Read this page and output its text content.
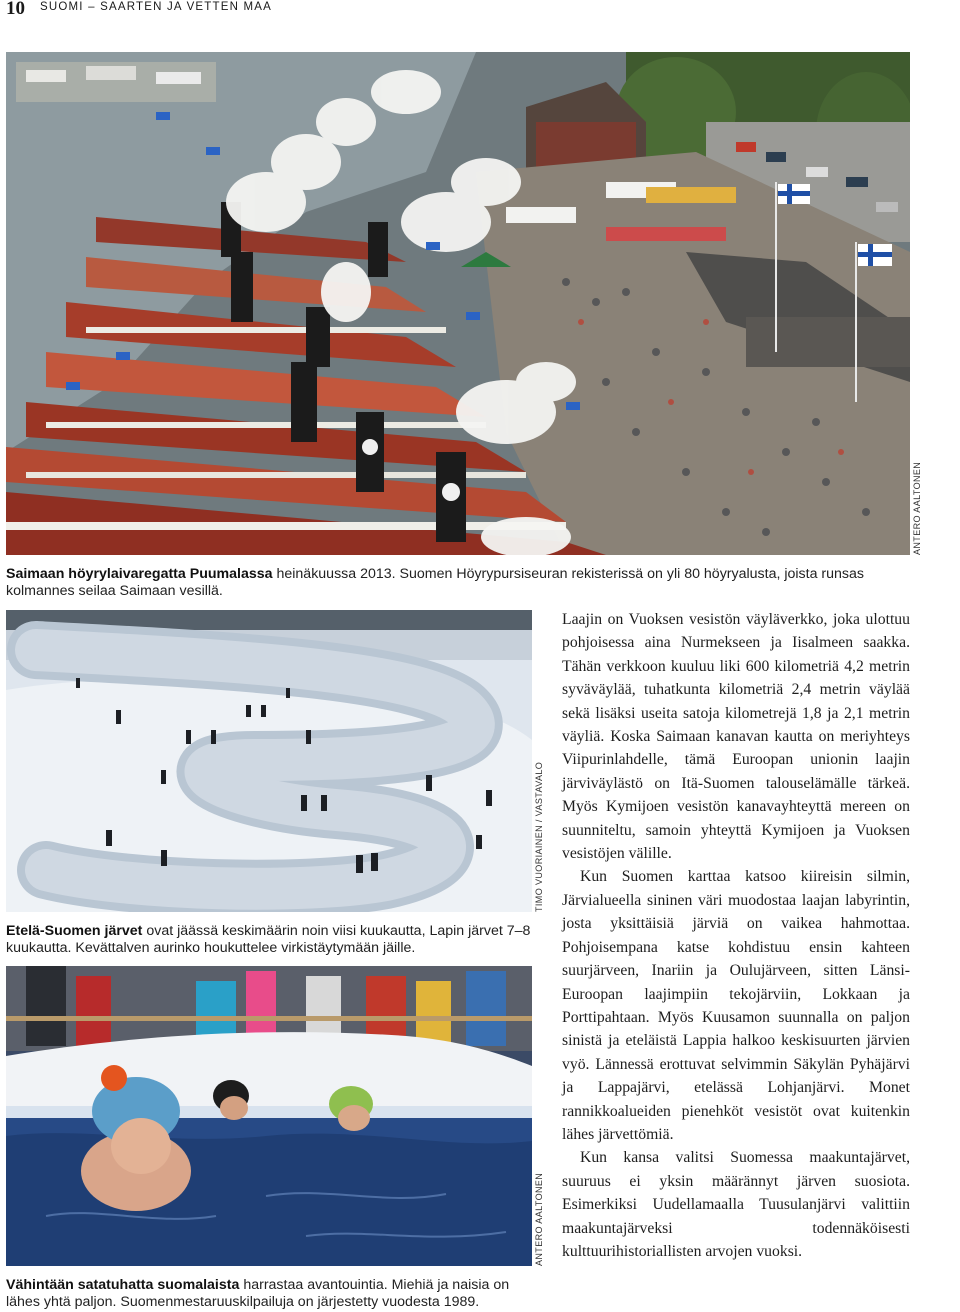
10 SUOMI – SAARTEN JA VETTEN MAA
ANTERO AALTONEN
Saimaan höyrylaivaregatta Puumalassa heinäkuussa 2013. Suomen Höyrypursiseuran rekisterissä on yli 80 höyryalusta, joista runsas kolmannes seilaa Saimaan vesillä.
TIMO VUORIAINEN / VASTAVALO
Etelä-Suomen järvet ovat jäässä keskimäärin noin viisi kuukautta, Lapin järvet 7–8 kuukautta. Kevättalven aurinko houkuttelee virkistäytymään jäille.
ANTERO AALTONEN
Vähintään satatuhatta suomalaista harrastaa avantouintia. Miehiä ja naisia on lähes yhtä paljon. Suomenmestaruuskilpailuja on järjestetty vuodesta 1989.

Laajin on Vuoksen vesistön väyläverkko, joka ulottuu pohjoisessa aina Nurmekseen ja Iisalmeen saakka. Tähän verkkoon kuuluu liki 600 kilometriä 4,2 metrin syväväylää, tuhatkunta kilometriä 2,4 metrin väylää sekä lisäksi useita satoja kilometrejä 1,8 ja 2,1 metrin väyliä. Koska Saimaan kanavan kautta on meriyhteys Viipurinlahdelle, tämä Euroopan unionin laajin järviväylästö on Itä-Suomen talouselämälle tärkeä. Myös Kymijoen vesistön kanavayhteyttä mereen on suunniteltu, samoin yhteyttä Kymijoen ja Vuoksen vesistöjen välille.

Kun Suomen karttaa katsoo kiireisin silmin, Järvialueella sininen väri muodostaa laajan labyrintin, josta yksittäisiä järviä on vaikea hahmottaa. Pohjoisempana katse kohdistuu ensin kahteen suurjärveen, Inariin ja Oulujärveen, sitten Länsi-Euroopan laajimpiin tekojärviin, Lokkaan ja Porttipahtaan. Myös Kuusamon suunnalla on paljon sinistä ja eteläistä Lappia halkoo keskisuurten järvien vyö. Lännessä erottuvat selvimmin Säkylän Pyhäjärvi ja Lappajärvi, etelässä Lohjanjärvi. Monet rannikkoalueiden pienehköt vesistöt ovat kuitenkin lähes järvettömiä.

Kun kansa valitsi Suomessa maakuntajärvet, suuruus ei yksin määrännyt järven suosiota. Esimerkiksi Uudellamaalla Tuusulanjärvi valittiin maakuntajärveksi todennäköisesti kulttuurihistoriallisten arvojen vuoksi.
